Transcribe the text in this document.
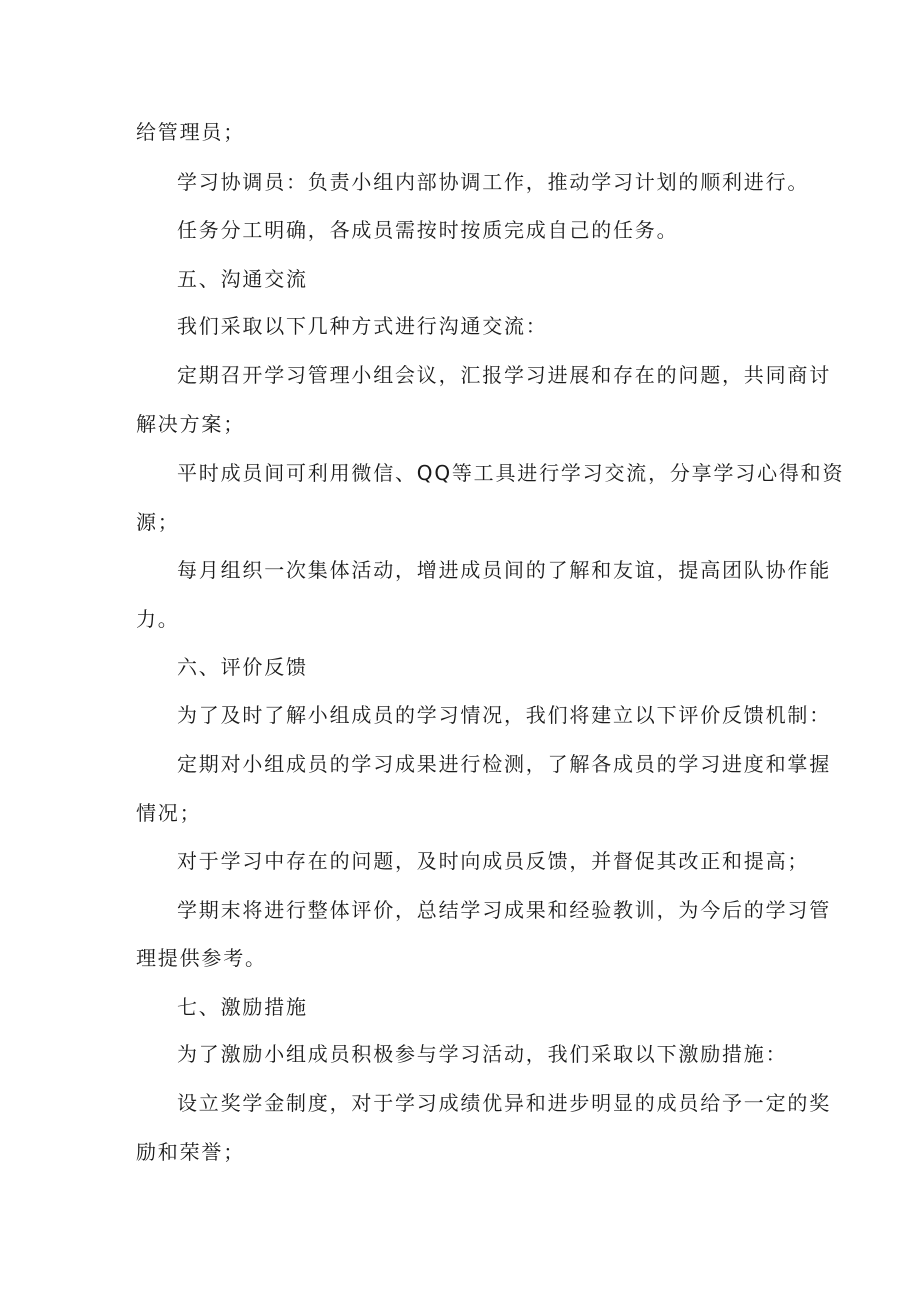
给管理员；
学习协调员：负责小组内部协调工作，推动学习计划的顺利进行。
任务分工明确，各成员需按时按质完成自己的任务。
五、沟通交流
我们采取以下几种方式进行沟通交流：
定期召开学习管理小组会议，汇报学习进展和存在的问题，共同商讨
解决方案；
平时成员间可利用微信、QQ等工具进行学习交流，分享学习心得和资
源；
每月组织一次集体活动，增进成员间的了解和友谊，提高团队协作能
力。
六、评价反馈
为了及时了解小组成员的学习情况，我们将建立以下评价反馈机制：
定期对小组成员的学习成果进行检测，了解各成员的学习进度和掌握
情况；
对于学习中存在的问题，及时向成员反馈，并督促其改正和提高；
学期末将进行整体评价，总结学习成果和经验教训，为今后的学习管
理提供参考。
七、激励措施
为了激励小组成员积极参与学习活动，我们采取以下激励措施：
设立奖学金制度，对于学习成绩优异和进步明显的成员给予一定的奖
励和荣誉；
